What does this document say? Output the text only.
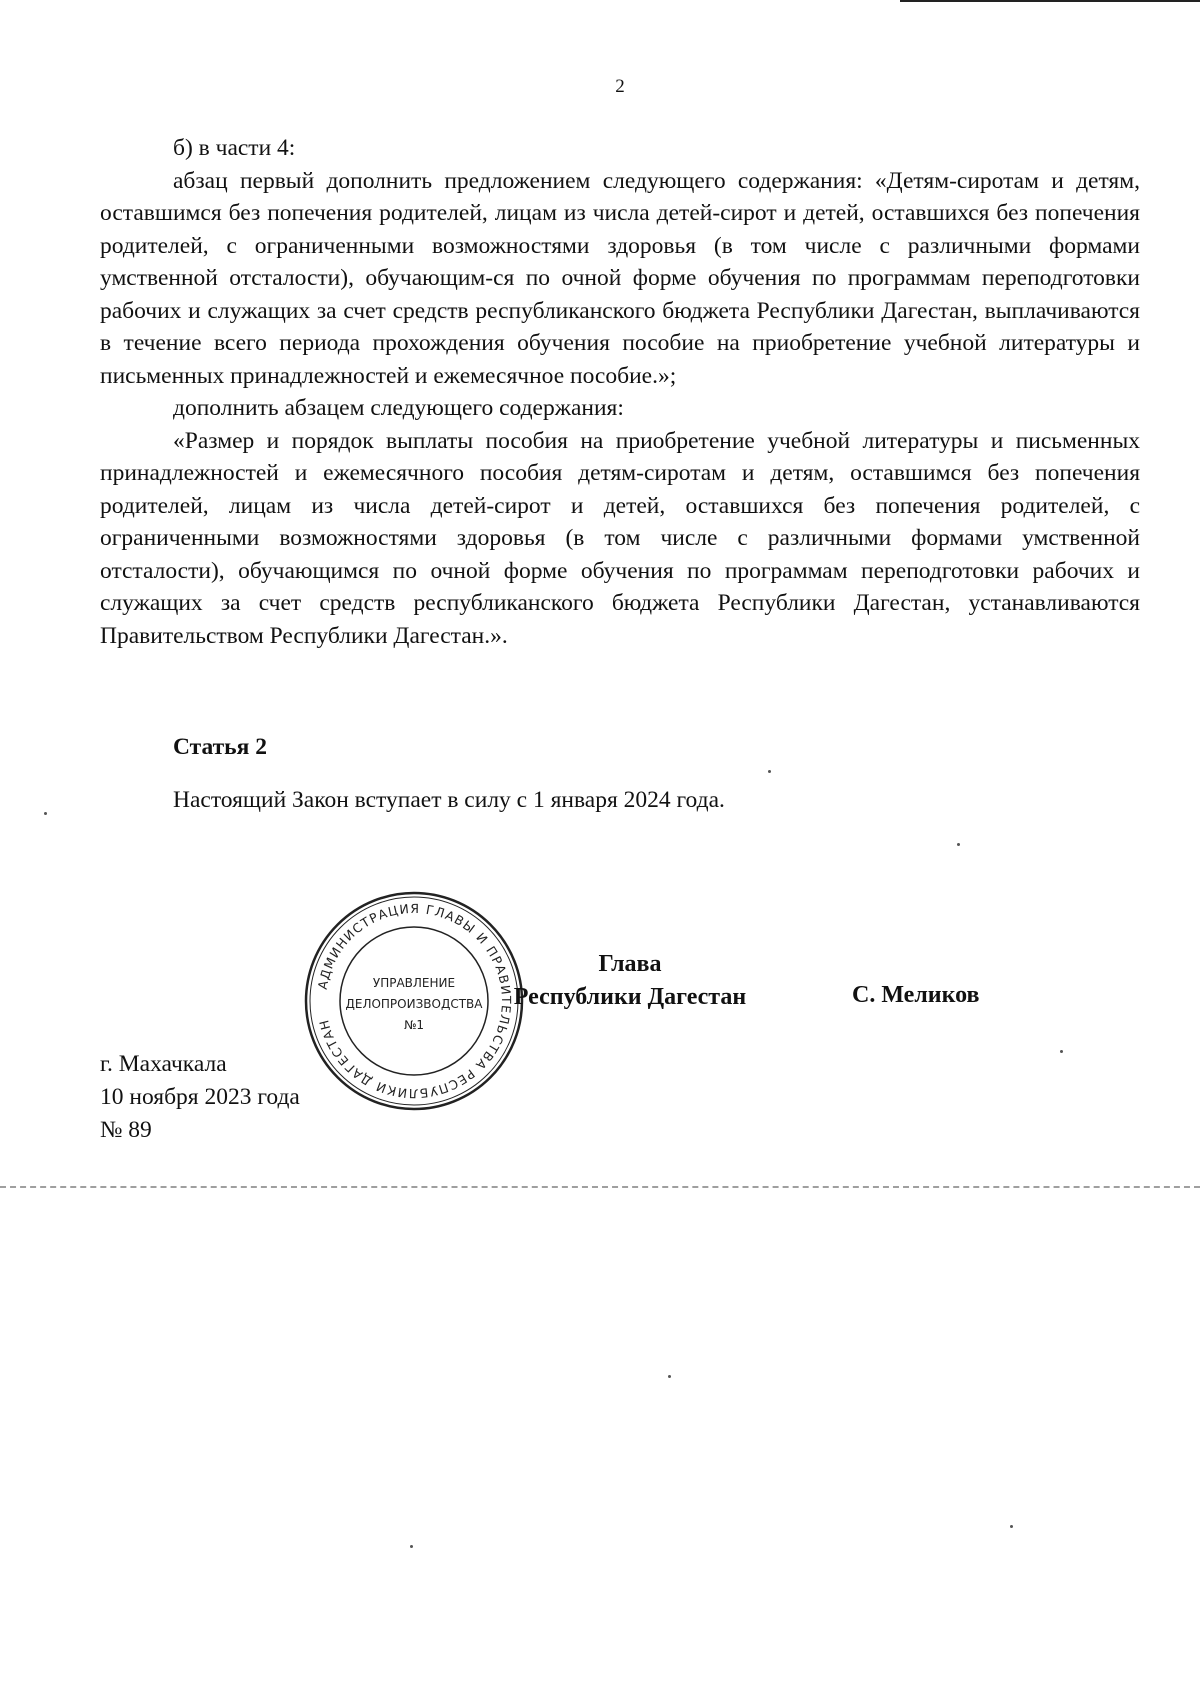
2

б) в части 4:

абзац первый дополнить предложением следующего содержания: «Детям-сиротам и детям, оставшимся без попечения родителей, лицам из числа детей-сирот и детей, оставшихся без попечения родителей, с ограниченными возможностями здоровья (в том числе с различными формами умственной отсталости), обучающим-ся по очной форме обучения по программам переподготовки рабочих и служащих за счет средств республиканского бюджета Республики Дагестан, выплачиваются в течение всего периода прохождения обучения пособие на приобретение учебной литературы и письменных принадлежностей и ежемесячное пособие.»;

дополнить абзацем следующего содержания:

«Размер и порядок выплаты пособия на приобретение учебной литературы и письменных принадлежностей и ежемесячного пособия детям-сиротам и детям, оставшимся без попечения родителей, лицам из числа детей-сирот и детей, оставшихся без попечения родителей, с ограниченными возможностями здоровья (в том числе с различными формами умственной отсталости), обучающимся по очной форме обучения по программам переподготовки рабочих и служащих за счет средств республиканского бюджета Республики Дагестан, устанавливаются Правительством Республики Дагестан.».

Статья 2
Настоящий Закон вступает в силу с 1 января 2024 года.
АДМИНИСТРАЦИЯ ГЛАВЫ И ПРАВИТЕЛЬСТВА РЕСПУБЛИКИ ДАГЕСТАН
УПРАВЛЕНИЕ
ДЕЛОПРОИЗВОДСТВА
№1
Глава
Республики Дагестан	С. Меликов
г. Махачкала
10 ноября 2023 года
№ 89
